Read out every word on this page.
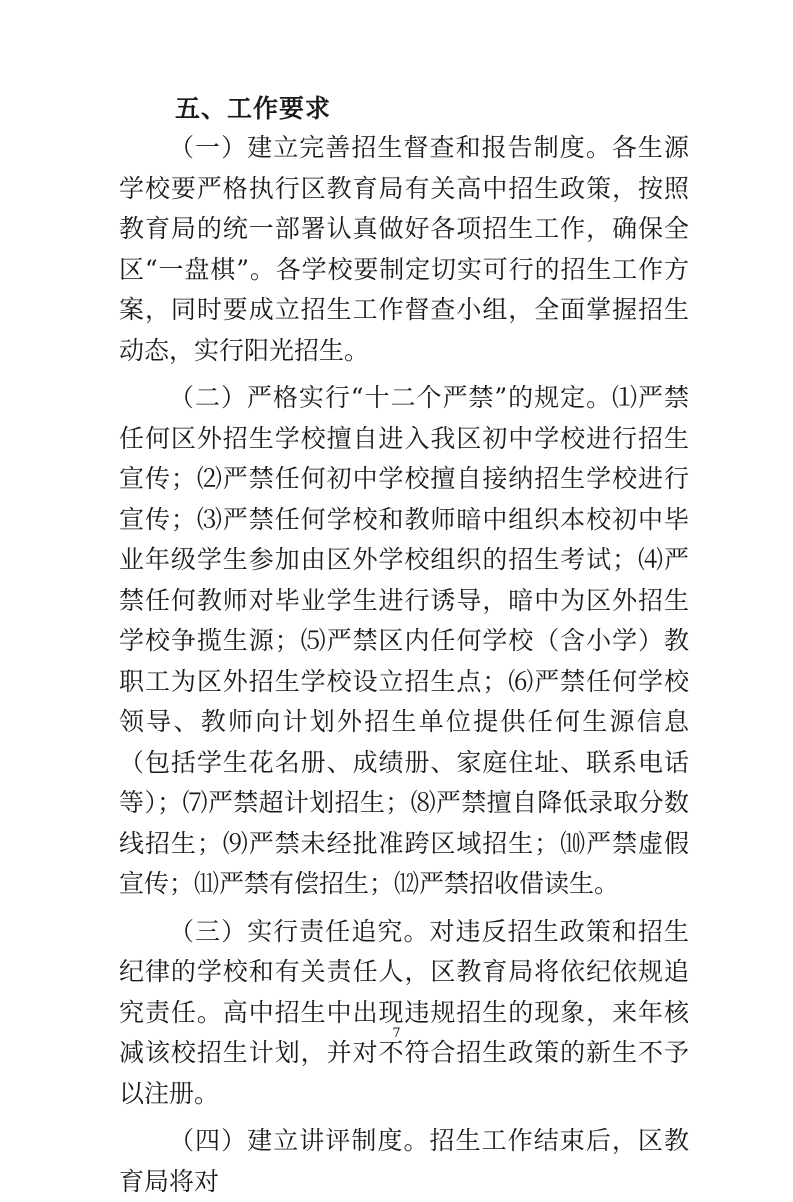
五、工作要求

（一）建立完善招生督查和报告制度。各生源学校要严格执行区教育局有关高中招生政策，按照教育局的统一部署认真做好各项招生工作，确保全区“一盘棋”。各学校要制定切实可行的招生工作方案，同时要成立招生工作督查小组，全面掌握招生动态，实行阳光招生。

（二）严格实行“十二个严禁”的规定。⑴严禁任何区外招生学校擅自进入我区初中学校进行招生宣传；⑵严禁任何初中学校擅自接纳招生学校进行宣传；⑶严禁任何学校和教师暗中组织本校初中毕业年级学生参加由区外学校组织的招生考试；⑷严禁任何教师对毕业学生进行诱导，暗中为区外招生学校争揽生源；⑸严禁区内任何学校（含小学）教职工为区外招生学校设立招生点；⑹严禁任何学校领导、教师向计划外招生单位提供任何生源信息（包括学生花名册、成绩册、家庭住址、联系电话等）；⑺严禁超计划招生；⑻严禁擅自降低录取分数线招生；⑼严禁未经批准跨区域招生；⑽严禁虚假宣传；⑾严禁有偿招生；⑿严禁招收借读生。

（三）实行责任追究。对违反招生政策和招生纪律的学校和有关责任人，区教育局将依纪依规追究责任。高中招生中出现违规招生的现象，来年核减该校招生计划，并对不符合招生政策的新生不予以注册。

（四）建立讲评制度。招生工作结束后，区教育局将对

7
